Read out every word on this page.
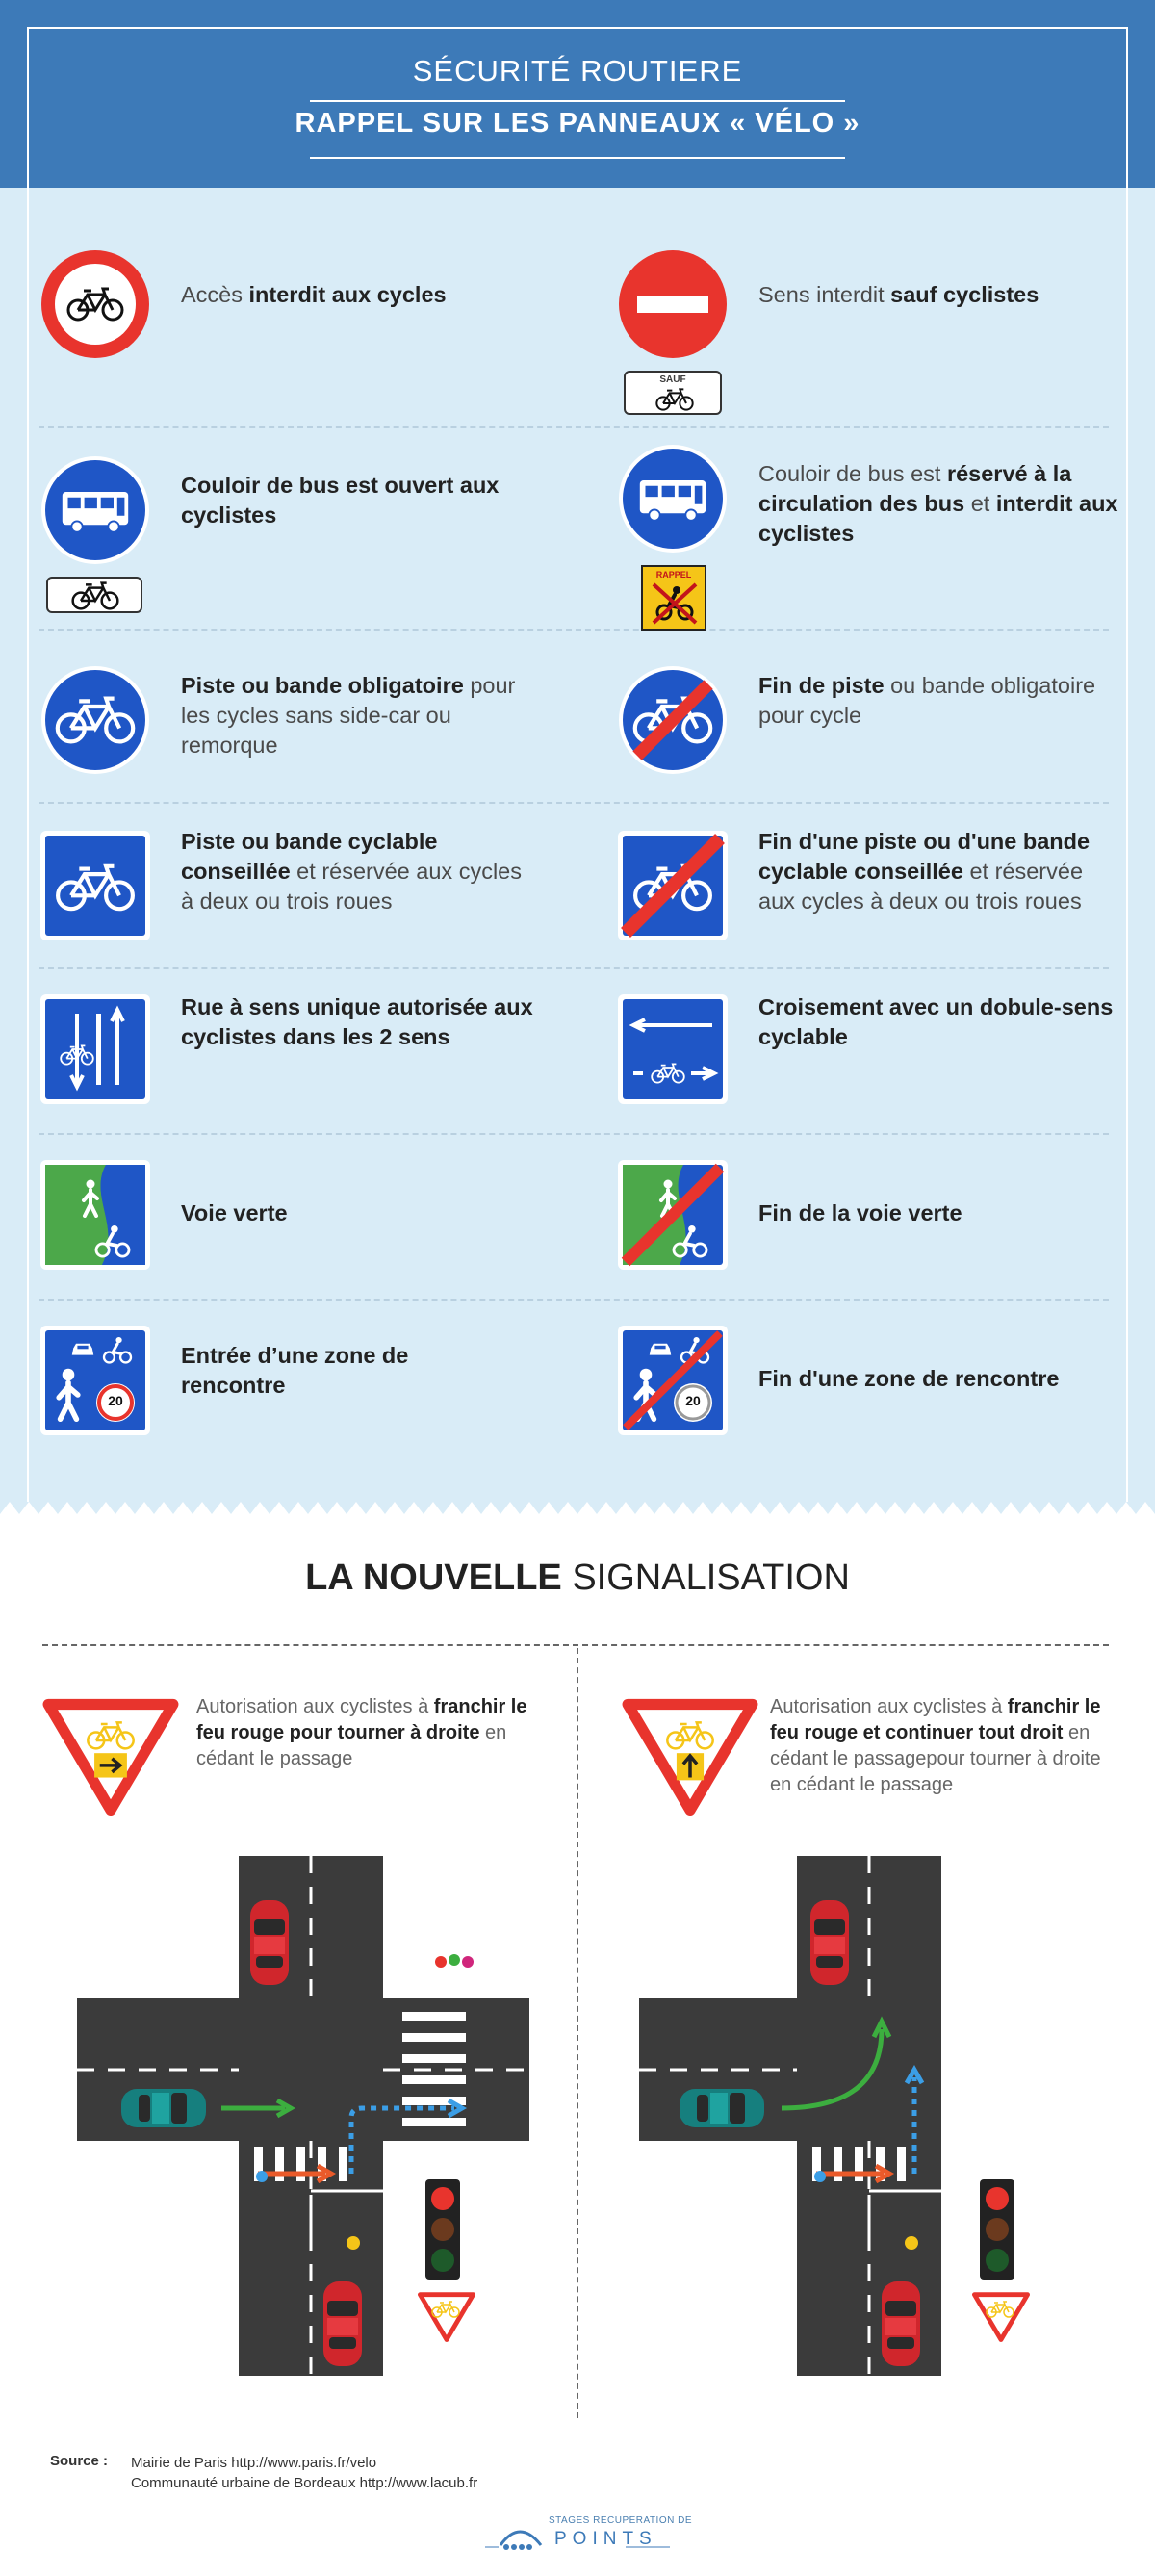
SÉCURITÉ ROUTIERE
RAPPEL SUR LES PANNEAUX « VÉLO »
Accès interdit aux cycles
SAUF
Sens interdit sauf cyclistes
Couloir de bus est ouvert aux cyclistes
RAPPEL
Couloir de bus est réservé à la circulation des bus et interdit aux cyclistes
Piste ou bande obligatoire pour les cycles sans side-car ou remorque
Fin de piste ou bande obligatoire pour cycle
Piste ou bande cyclable conseillée et réservée aux cycles à deux ou trois roues
Fin d'une piste ou d'une bande cyclable conseillée et réservée aux cycles à deux ou trois roues
Rue à sens unique autorisée aux cyclistes dans les 2 sens
Croisement avec un dobule-sens cyclable
Voie verte	Fin de la voie verte
20
Entrée d’une zone de rencontre
20
Fin d'une zone de rencontre
LA NOUVELLE SIGNALISATION
Autorisation aux cyclistes à franchir le feu rouge pour tourner à droite en cédant le passage
Autorisation aux cyclistes à franchir le feu rouge et continuer tout droit en cédant le passagepour tourner à droite en cédant le passage
Source : Mairie de Paris http://www.paris.fr/velo
Communauté urbaine de Bordeaux http://www.lacub.fr
STAGES RECUPERATION DE
POINTS
